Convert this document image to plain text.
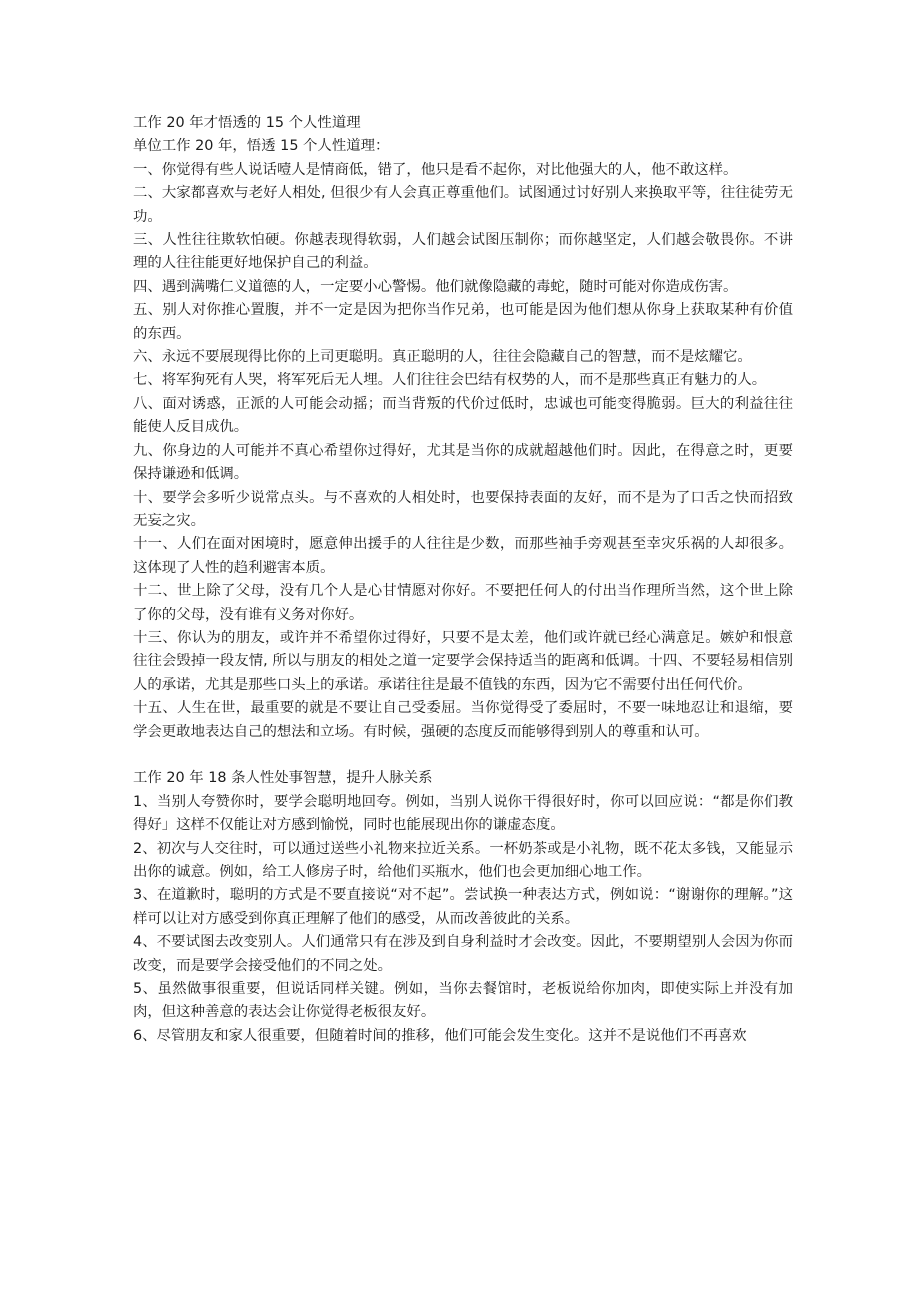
工作 20 年才悟透的 15 个人性道理

单位工作 20 年，悟透 15 个人性道理：

一、你觉得有些人说话噎人是情商低，错了，他只是看不起你，对比他强大的人，他不敢这样。

二、大家都喜欢与老好人相处, 但很少有人会真正尊重他们。试图通过讨好别人来换取平等，往往徒劳无功。

三、人性往往欺软怕硬。你越表现得软弱，人们越会试图压制你；而你越坚定，人们越会敬畏你。不讲理的人往往能更好地保护自己的利益。

四、遇到满嘴仁义道德的人，一定要小心警惕。他们就像隐藏的毒蛇，随时可能对你造成伤害。

五、别人对你推心置腹，并不一定是因为把你当作兄弟，也可能是因为他们想从你身上获取某种有价值的东西。

六、永远不要展现得比你的上司更聪明。真正聪明的人，往往会隐藏自己的智慧，而不是炫耀它。

七、将军狗死有人哭，将军死后无人埋。人们往往会巴结有权势的人，而不是那些真正有魅力的人。

八、面对诱惑，正派的人可能会动摇；而当背叛的代价过低时，忠诚也可能变得脆弱。巨大的利益往往能使人反目成仇。

九、你身边的人可能并不真心希望你过得好，尤其是当你的成就超越他们时。因此，在得意之时，更要保持谦逊和低调。

十、要学会多听少说常点头。与不喜欢的人相处时，也要保持表面的友好，而不是为了口舌之快而招致无妄之灾。

十一、人们在面对困境时，愿意伸出援手的人往往是少数，而那些袖手旁观甚至幸灾乐祸的人却很多。这体现了人性的趋利避害本质。

十二、世上除了父母，没有几个人是心甘情愿对你好。不要把任何人的付出当作理所当然，这个世上除了你的父母，没有谁有义务对你好。

十三、你认为的朋友，或许并不希望你过得好，只要不是太差，他们或许就已经心满意足。嫉妒和恨意往往会毁掉一段友情, 所以与朋友的相处之道一定要学会保持适当的距离和低调。十四、不要轻易相信别人的承诺，尤其是那些口头上的承诺。承诺往往是最不值钱的东西，因为它不需要付出任何代价。

十五、人生在世，最重要的就是不要让自己受委屈。当你觉得受了委屈时，不要一味地忍让和退缩，要学会更敢地表达自己的想法和立场。有时候，强硬的态度反而能够得到别人的尊重和认可。

工作 20 年 18 条人性处事智慧，提升人脉关系

1、当别人夸赞你时，要学会聪明地回夸。例如，当别人说你干得很好时，你可以回应说：“都是你们教得好」这样不仅能让对方感到愉悦，同时也能展现出你的谦虚态度。

2、初次与人交往时，可以通过送些小礼物来拉近关系。一杯奶茶或是小礼物，既不花太多钱，又能显示出你的诚意。例如，给工人修房子时，给他们买瓶水，他们也会更加细心地工作。

3、在道歉时，聪明的方式是不要直接说“对不起”。尝试换一种表达方式，例如说：“谢谢你的理解。”这样可以让对方感受到你真正理解了他们的感受，从而改善彼此的关系。

4、不要试图去改变别人。人们通常只有在涉及到自身利益时才会改变。因此，不要期望别人会因为你而改变，而是要学会接受他们的不同之处。

5、虽然做事很重要，但说话同样关键。例如，当你去餐馆时，老板说给你加肉，即使实际上并没有加肉，但这种善意的表达会让你觉得老板很友好。

6、尽管朋友和家人很重要，但随着时间的推移，他们可能会发生变化。这并不是说他们不再喜欢
